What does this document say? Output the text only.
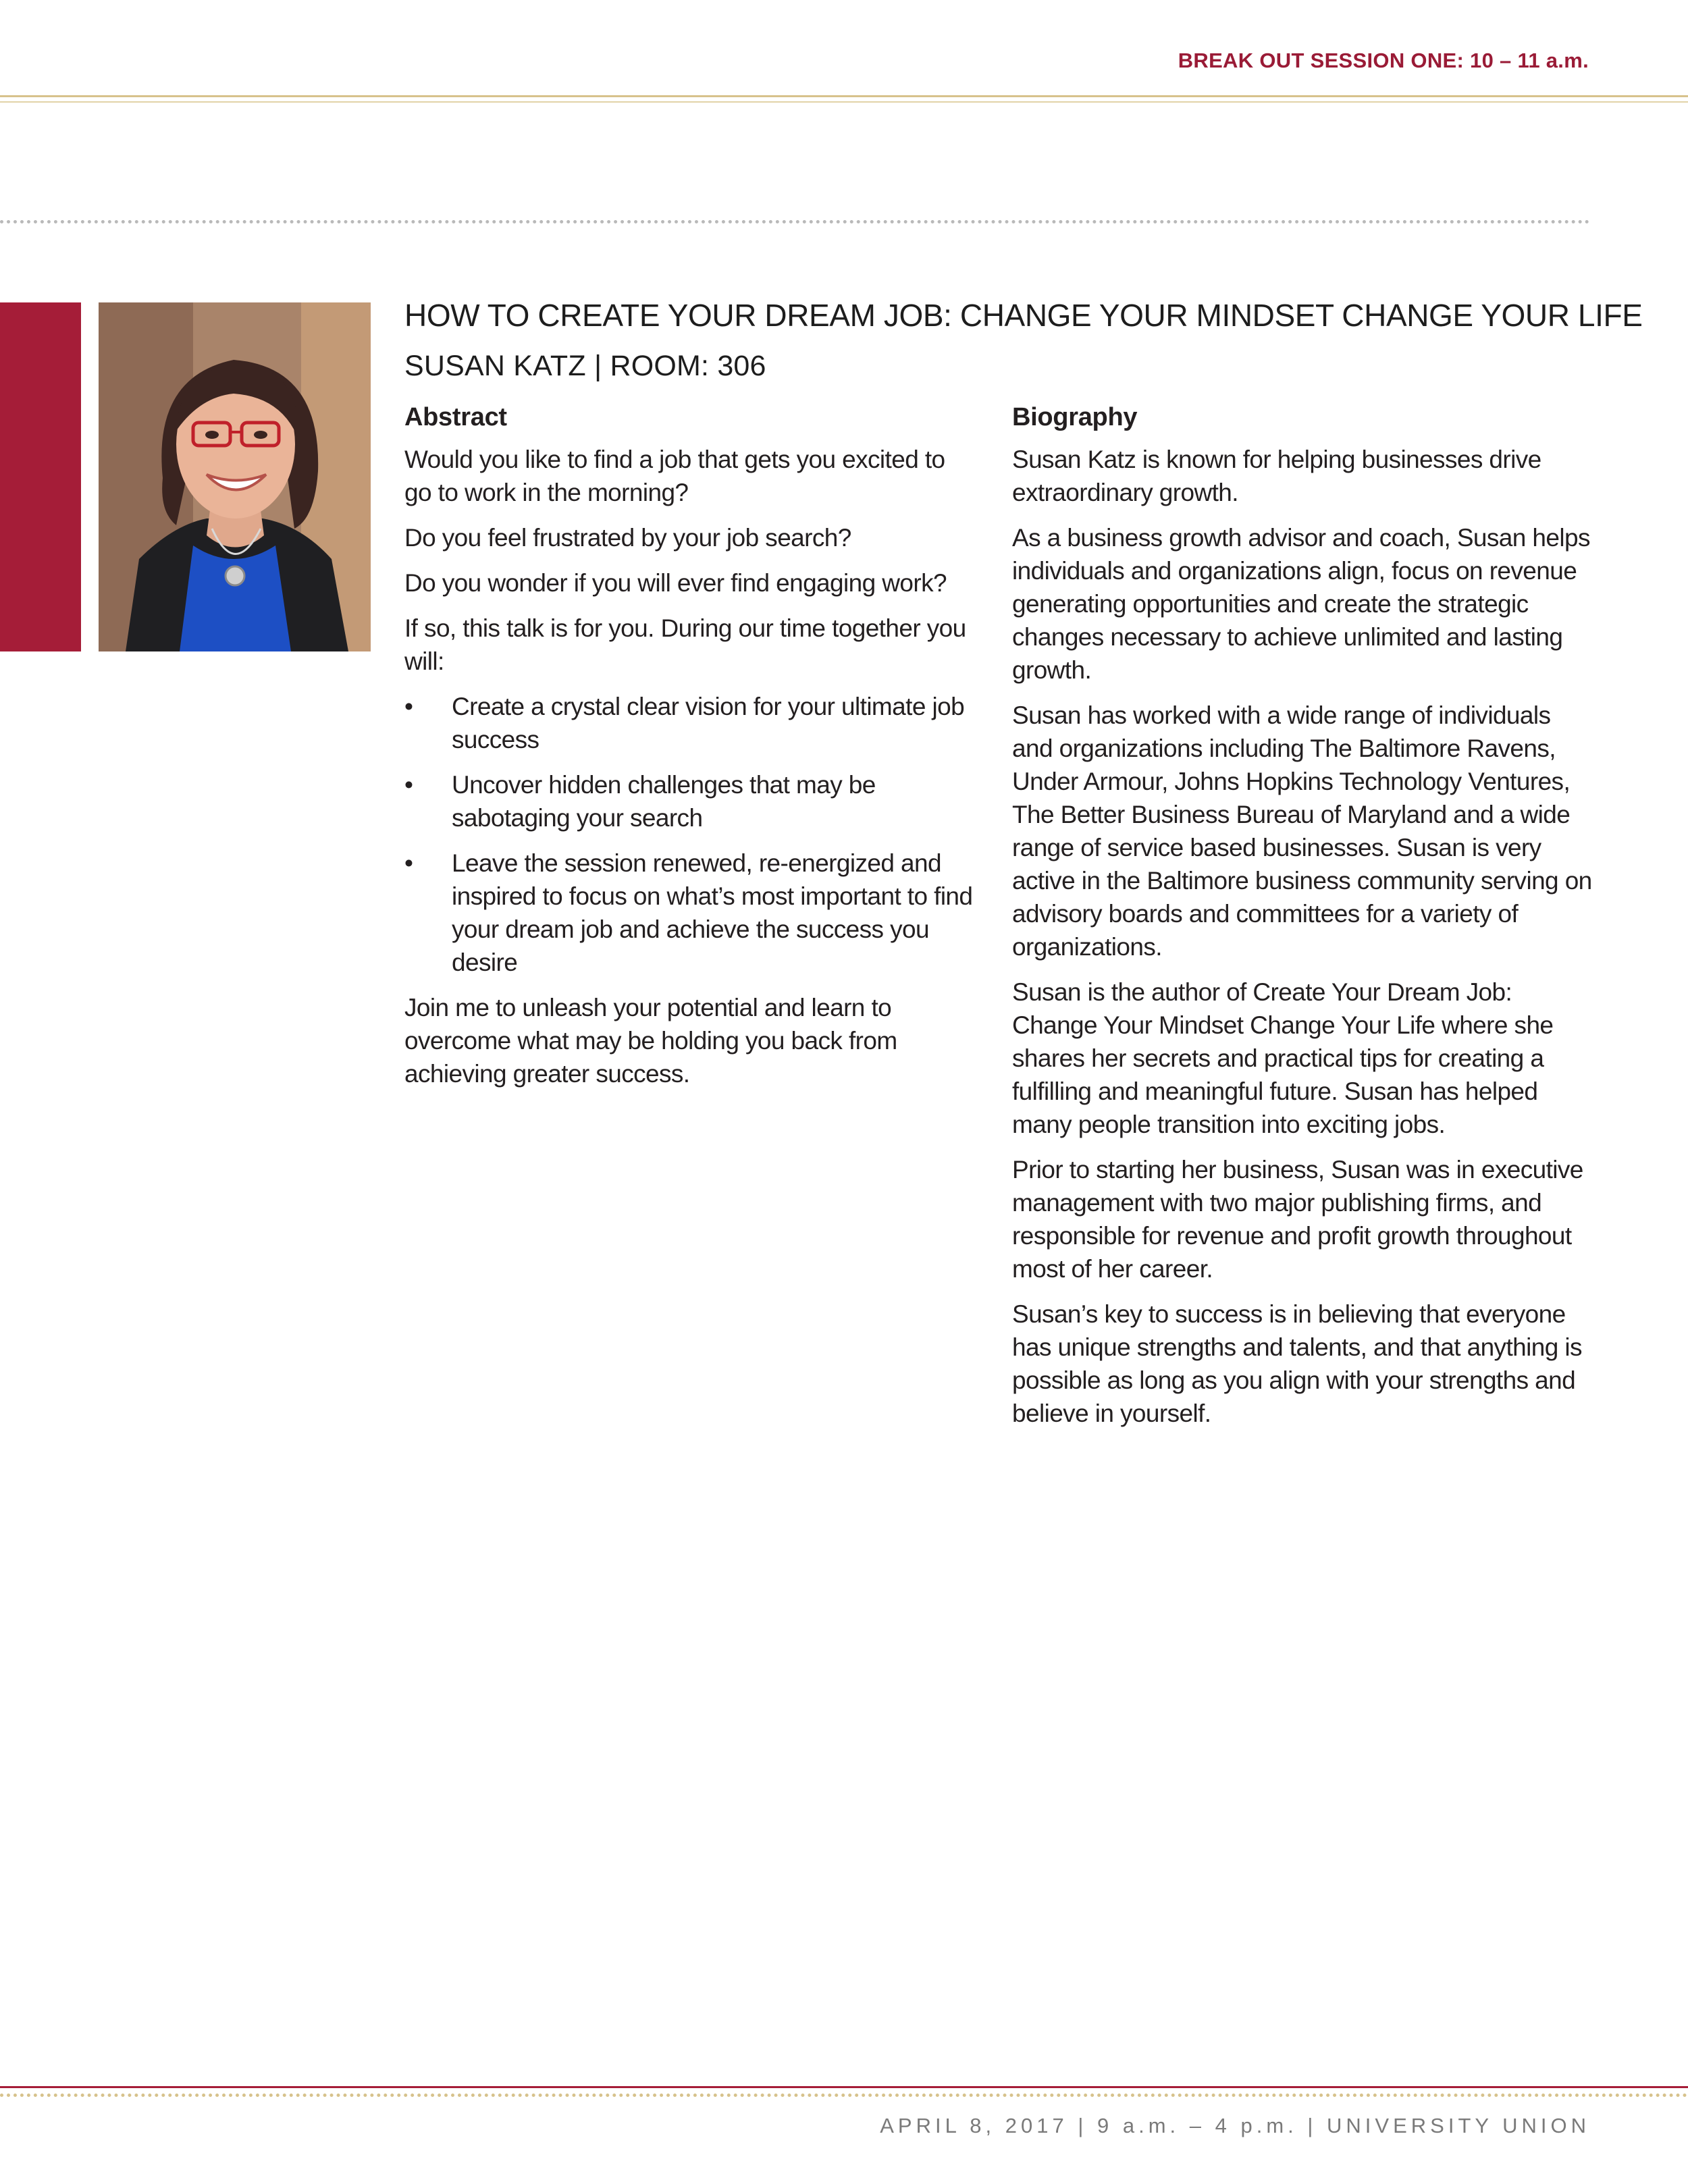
BREAK OUT SESSION ONE: 10 – 11 a.m.
HOW TO CREATE YOUR DREAM JOB: CHANGE YOUR MINDSET CHANGE YOUR LIFE
SUSAN KATZ | ROOM: 306
Abstract

Would you like to find a job that gets you excited to go to work in the morning?

Do you feel frustrated by your job search?

Do you wonder if you will ever find engaging work?

If so, this talk is for you. During our time together you will:

• Create a crystal clear vision for your ultimate job success
• Uncover hidden challenges that may be sabotaging your search
• Leave the session renewed, re-energized and inspired to focus on what’s most important to find your dream job and achieve the success you desire

Join me to unleash your potential and learn to overcome what may be holding you back from achieving greater success.

Biography

Susan Katz is known for helping businesses drive extraordinary growth.

As a business growth advisor and coach, Susan helps individuals and organizations align, focus on revenue generating opportunities and create the strategic changes necessary to achieve unlimited and lasting growth.

Susan has worked with a wide range of individuals and organizations including The Baltimore Ravens, Under Armour, Johns Hopkins Technology Ventures, The Better Business Bureau of Maryland and a wide range of service based businesses. Susan is very active in the Baltimore business community serving on advisory boards and committees for a variety of organizations.

Susan is the author of Create Your Dream Job: Change Your Mindset Change Your Life where she shares her secrets and practical tips for creating a fulfilling and meaningful future. Susan has helped many people transition into exciting jobs.

Prior to starting her business, Susan was in executive management with two major publishing firms, and responsible for revenue and profit growth throughout most of her career.

Susan’s key to success is in believing that everyone has unique strengths and talents, and that anything is possible as long as you align with your strengths and believe in yourself.

APRIL 8, 2017 | 9 a.m. – 4 p.m. | UNIVERSITY UNION
